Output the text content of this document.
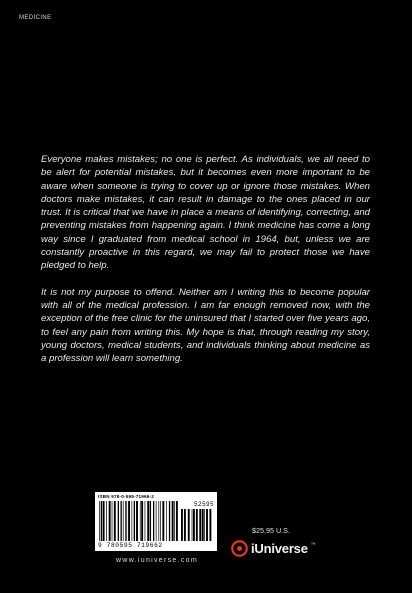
MEDICINE

Everyone makes mistakes; no one is perfect. As individuals, we all need to be alert for potential mistakes, but it becomes even more important to be aware when someone is trying to cover up or ignore those mistakes. When doctors make mistakes, it can result in damage to the ones placed in our trust. It is critical that we have in place a means of identifying, correcting, and preventing mistakes from happening again. I think medicine has come a long way since I graduated from medical school in 1964, but, unless we are constantly proactive in this regard, we may fail to protect those we have pledged to help.

It is not my purpose to offend. Neither am I writing this to become popular with all of the medical profession. I am far enough removed now, with the exception of the free clinic for the uninsured that I started over five years ago, to feel any pain from writing this. My hope is that, through reading my story, young doctors, medical students, and individuals thinking about medicine as a profession will learn something.

ISBN 978-0-595-71966-2
9 780595 719662
52595
www.iuniverse.com
$25.95 U.S.
iUniverse ™
